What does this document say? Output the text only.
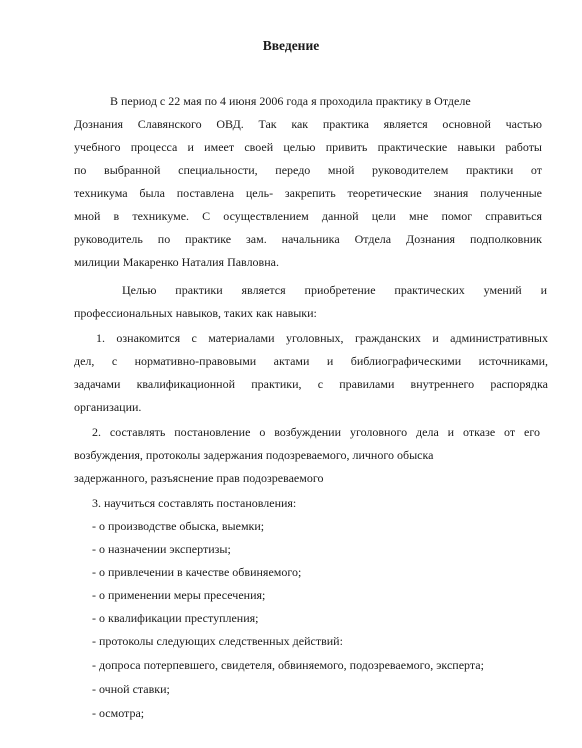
Введение
В период с 22 мая по 4 июня 2006 года я проходила практику в Отделе
Дознания Славянского ОВД. Так как практика является основной частью
учебного процесса и имеет своей целью привить практические навыки работы
по выбранной специальности, передо мной руководителем практики от
техникума была поставлена цель- закрепить теоретические знания полученные
мной в техникуме. С осуществлением данной цели мне помог справиться
руководитель по практике зам. начальника Отдела Дознания подполковник
милиции Макаренко Наталия Павловна.
Целью практики является приобретение практических умений и
профессиональных навыков, таких как навыки:
1. ознакомится с материалами уголовных, гражданских и административных
дел, с нормативно-правовыми актами и библиографическими источниками,
задачами квалификационной практики, с правилами внутреннего распорядка
организации.
2. составлять постановление о возбуждении уголовного дела и отказе от его
возбуждения, протоколы задержания подозреваемого, личного обыска
задержанного, разъяснение прав подозреваемого
3. научиться составлять постановления:
- о производстве обыска, выемки;
- о назначении экспертизы;
- о привлечении в качестве обвиняемого;
- о применении меры пресечения;
- о квалификации преступления;
- протоколы следующих следственных действий:
- допроса потерпевшего, свидетеля, обвиняемого, подозреваемого, эксперта;
- очной ставки;
- осмотра;
